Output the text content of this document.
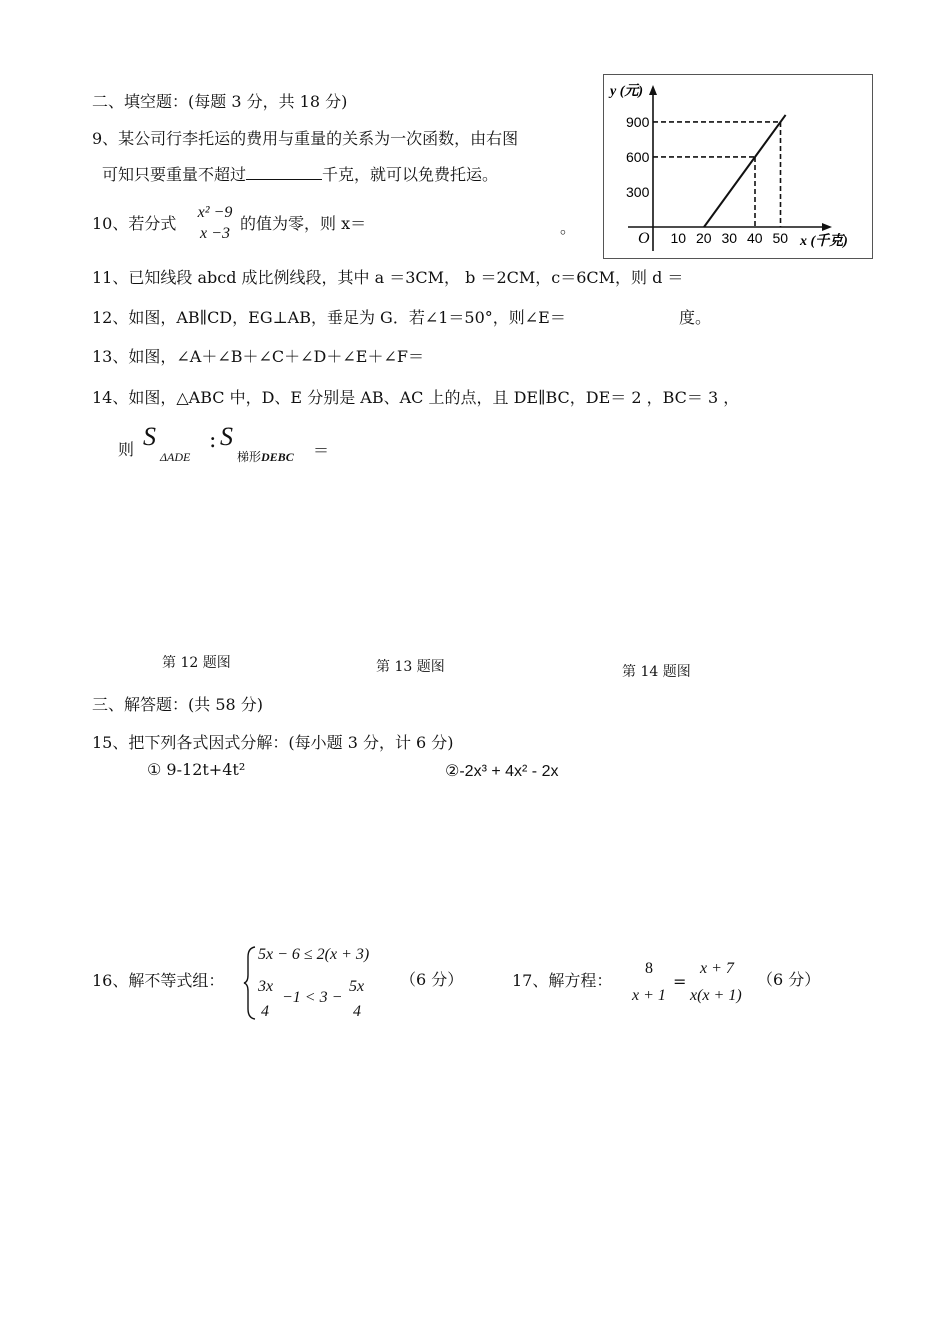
二、填空题：(每题 3 分，共 18 分)
9、某公司行李托运的费用与重量的关系为一次函数，由右图
可知只要重量不超过	千克，就可以免费托运。
y (元)
x (千克)
O
900
600
300
10 20 30 40 50
10、若分式
x² −9
x −3
的值为零，则 x＝	。
11、已知线段 abcd 成比例线段，其中 a ＝3CM， b ＝2CM，c＝6CM，则 d ＝
12、如图，AB∥CD，EG⊥AB，垂足为 G．若∠1＝50°，则∠E＝	度。
13、如图，∠A＋∠B＋∠C＋∠D＋∠E＋∠F＝
14、如图，△ABC 中，D、E 分别是 AB、AC 上的点，且 DE∥BC，DE＝ 2 ，BC＝ 3 ，
则 S
ΔADE
: S
梯形DEBC ＝
第 12 题图	第 13 题图	第 14 题图
三、解答题：(共 58 分)
15、把下列各式因式分解：(每小题 3 分，计 6 分)
① 9-12t+4t²	②-2x³ + 4x² - 2x
16、解不等式组：
5x − 6 ≤ 2(x + 3)
3x
4
−1 < 3 −
5x
4
（6 分）	17、解方程：
8
x + 1
=
x + 7
x(x + 1)
（6 分）
